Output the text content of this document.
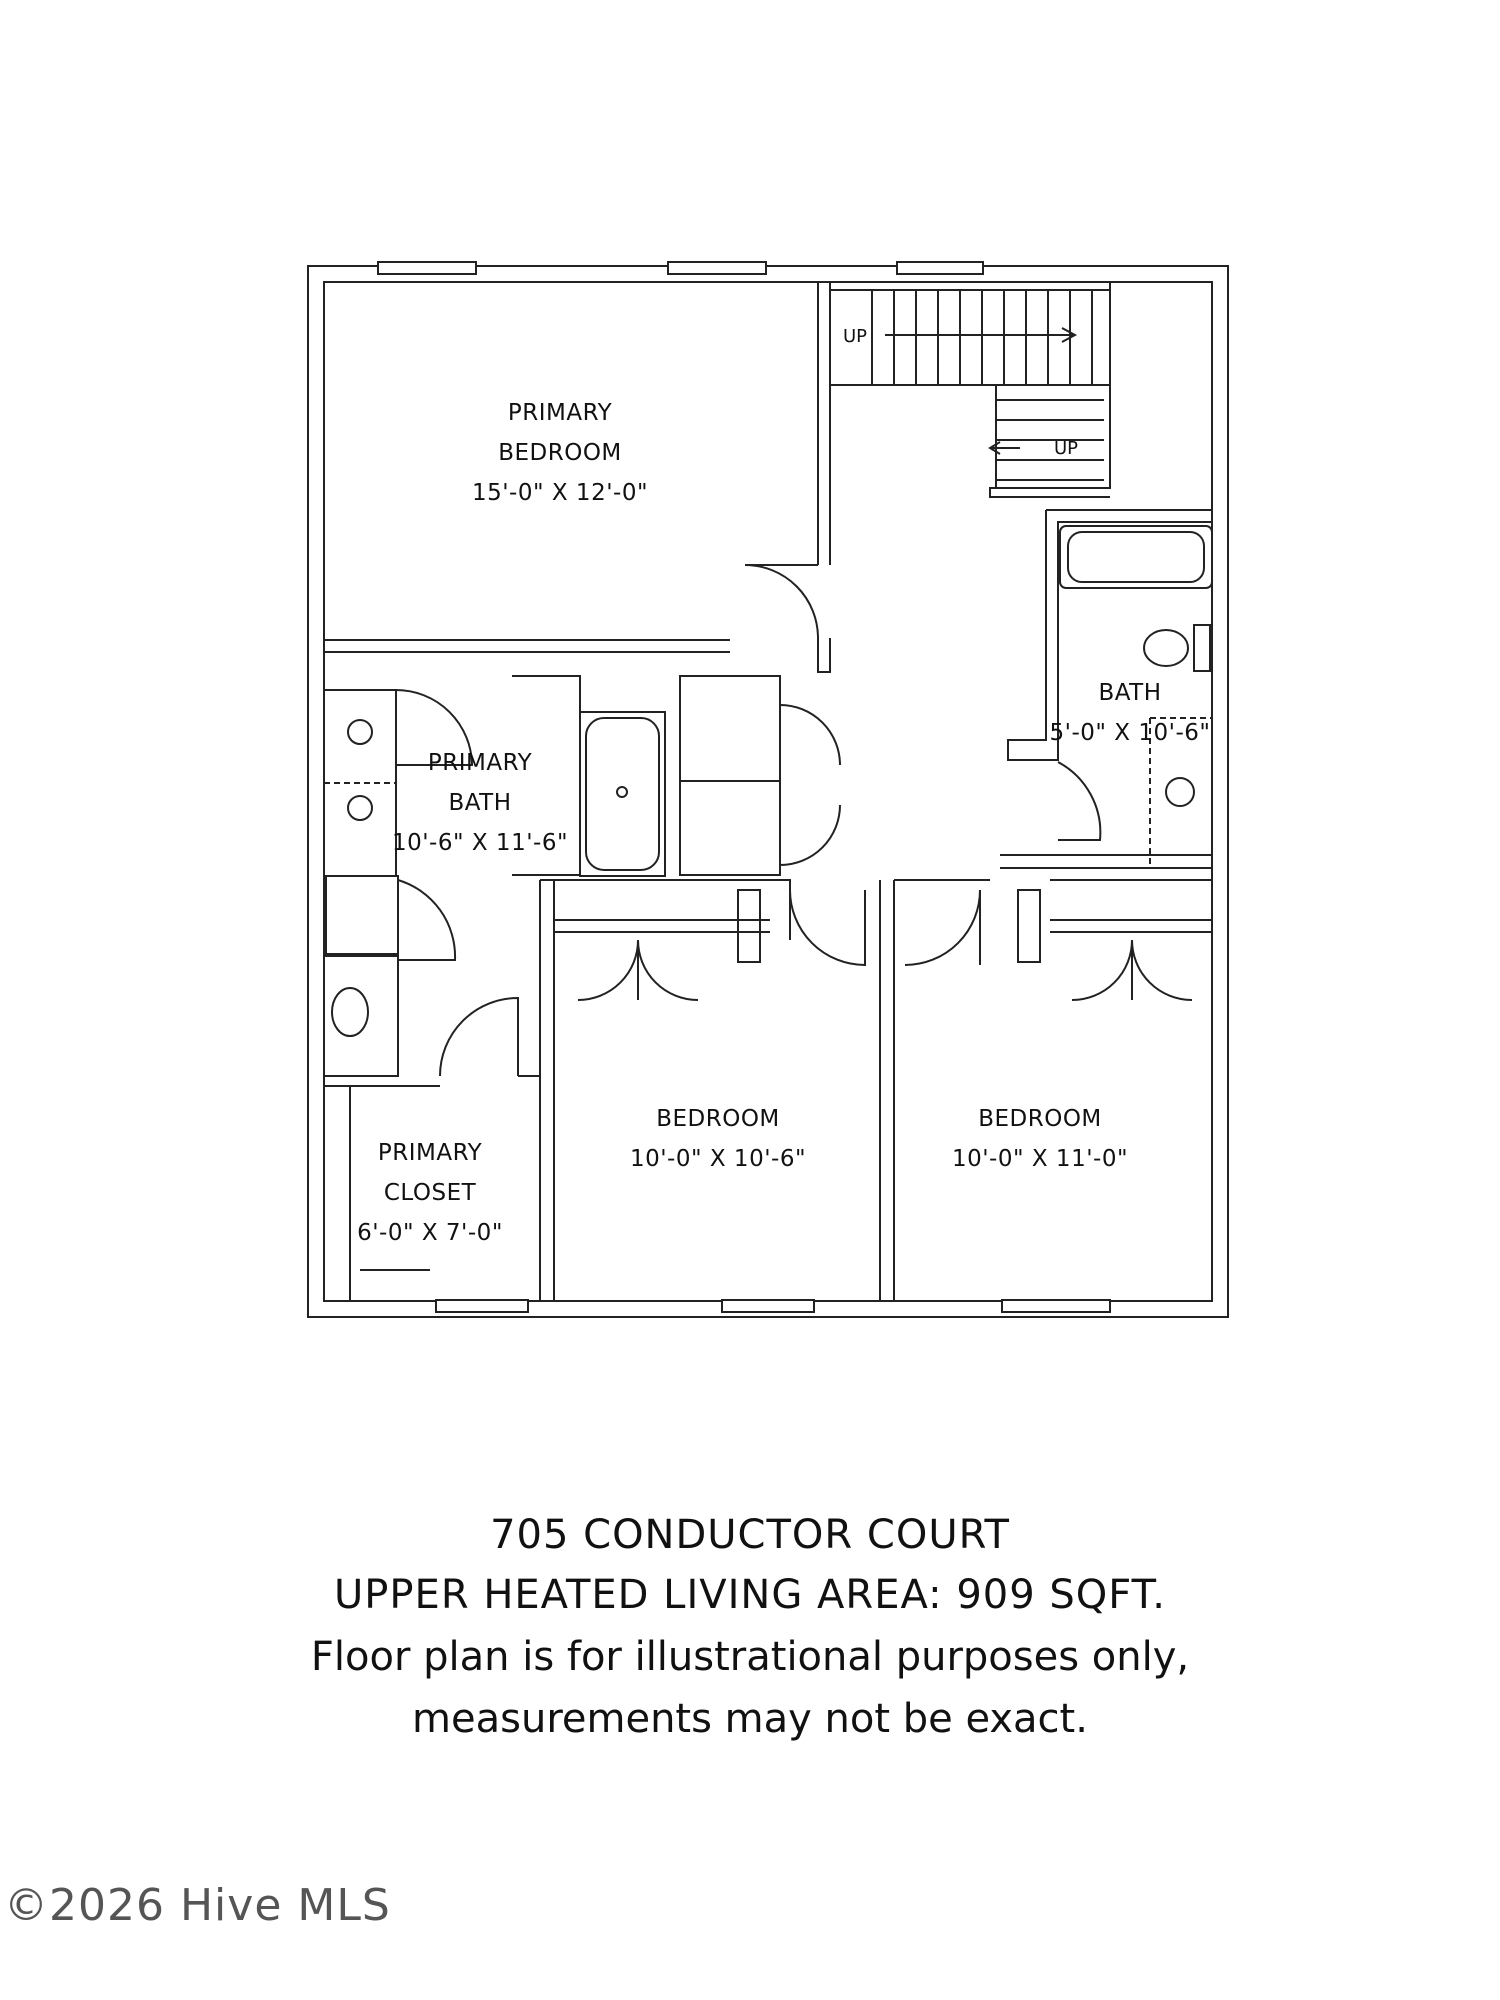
PRIMARY
BEDROOM
15'-0" X 12'-0"
PRIMARY
BATH
10'-6" X 11'-6"
PRIMARY
CLOSET
6'-0" X 7'-0"
BATH
5'-0" X 10'-6"
BEDROOM
10'-0" X 10'-6"
BEDROOM
10'-0" X 11'-0"
UP
UP
705 CONDUCTOR COURT
UPPER HEATED LIVING AREA: 909 SQFT.
Floor plan is for illustrational purposes only,
measurements may not be exact.
©2026 Hive MLS
